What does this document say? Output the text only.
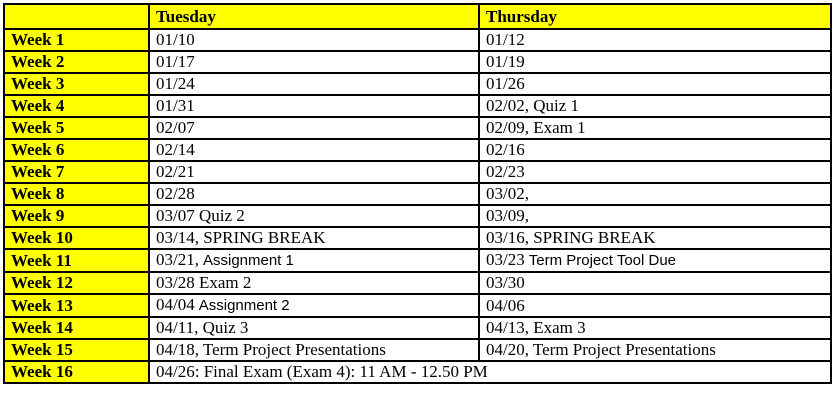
	Tuesday	Thursday
Week 1	01/10	01/12
Week 2	01/17	01/19
Week 3	01/24	01/26
Week 4	01/31	02/02, Quiz 1
Week 5	02/07	02/09, Exam 1
Week 6	02/14	02/16
Week 7	02/21	02/23
Week 8	02/28	03/02,
Week 9	03/07 Quiz 2	03/09,
Week 10	03/14, SPRING BREAK	03/16, SPRING BREAK
Week 11	03/21, Assignment 1	03/23 Term Project Tool Due
Week 12	03/28 Exam 2	03/30
Week 13	04/04 Assignment 2	04/06
Week 14	04/11, Quiz 3	04/13, Exam 3
Week 15	04/18, Term Project Presentations	04/20, Term Project Presentations
Week 16	04/26: Final Exam (Exam 4): 11 AM - 12.50 PM	
